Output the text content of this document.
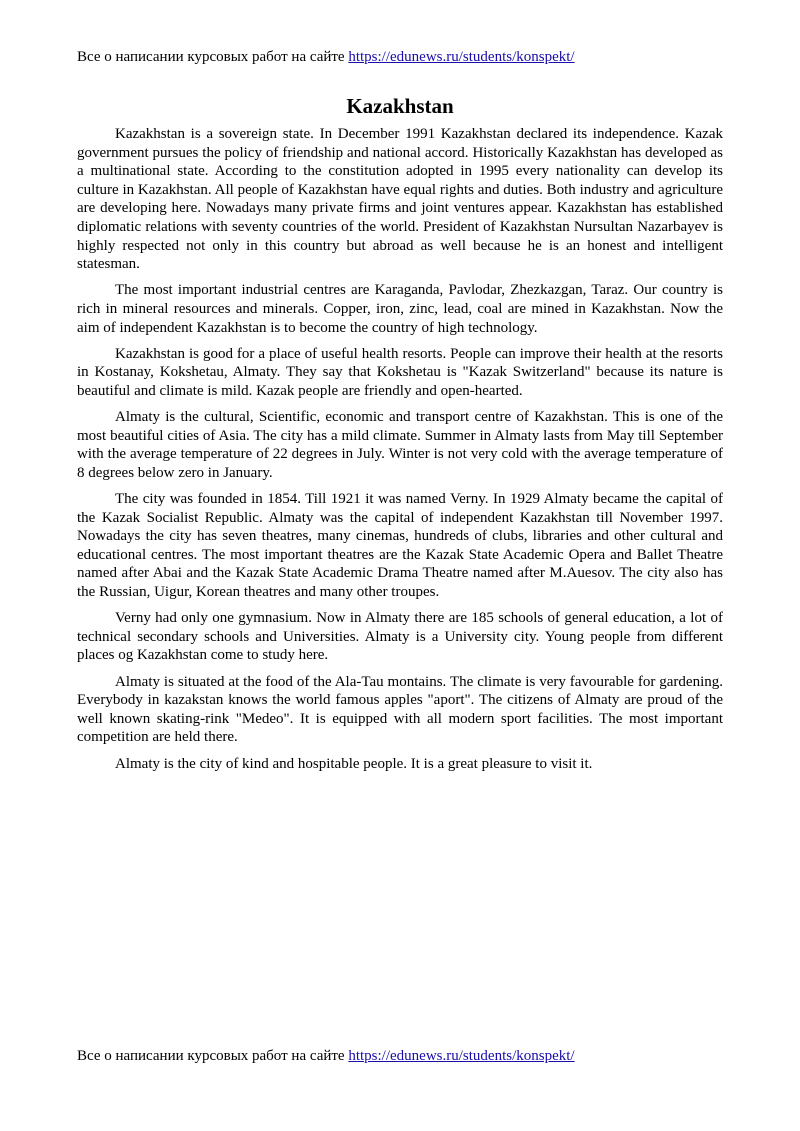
Все о написании курсовых работ на сайте https://edunews.ru/students/konspekt/
Kazakhstan

Kazakhstan is a sovereign state. In December 1991 Kazakhstan declared its independence. Kazak government pursues the policy of friendship and national accord. Historically Kazakhstan has developed as a multinational state. According to the constitution adopted in 1995 every nationality can develop its culture in Kazakhstan. All people of Kazakhstan have equal rights and duties. Both industry and agriculture are developing here. Nowadays many private firms and joint ventures appear. Kazakhstan has established diplomatic relations with seventy countries of the world. President of Kazakhstan Nursultan Nazarbayev is highly respected not only in this country but abroad as well because he is an honest and intelligent statesman.

The most important industrial centres are Karaganda, Pavlodar, Zhezkazgan, Taraz. Our country is rich in mineral resources and minerals. Copper, iron, zinc, lead, coal are mined in Kazakhstan. Now the aim of independent Kazakhstan is to become the country of high technology.

Kazakhstan is good for a place of useful health resorts. People can improve their health at the resorts in Kostanay, Kokshetau, Almaty. They say that Kokshetau is "Kazak Switzerland" because its nature is beautiful and climate is mild. Kazak people are friendly and open-hearted.

Almaty is the cultural, Scientific, economic and transport centre of Kazakhstan. This is one of the most beautiful cities of Asia. The city has a mild climate. Summer in Almaty lasts from May till September with the average temperature of 22 degrees in July. Winter is not very cold with the average temperature of 8 degrees below zero in January.

The city was founded in 1854. Till 1921 it was named Verny. In 1929 Almaty became the capital of the Kazak Socialist Republic. Almaty was the capital of independent Kazakhstan till November 1997. Nowadays the city has seven theatres, many cinemas, hundreds of clubs, libraries and other cultural and educational centres. The most important theatres are the Kazak State Academic Opera and Ballet Theatre named after Abai and the Kazak State Academic Drama Theatre named after M.Auesov. The city also has the Russian, Uigur, Korean theatres and many other troupes.

Verny had only one gymnasium. Now in Almaty there are 185 schools of general education, a lot of technical secondary schools and Universities. Almaty is a University city. Young people from different places og Kazakhstan come to study here.

Almaty is situated at the food of the Ala-Tau montains. The climate is very favourable for gardening. Everybody in kazakstan knows the world famous apples "aport". The citizens of Almaty are proud of the well known skating-rink "Medeo". It is equipped with all modern sport facilities. The most important competition are held there.

Almaty is the city of kind and hospitable people. It is a great pleasure to visit it.

Все о написании курсовых работ на сайте https://edunews.ru/students/konspekt/
